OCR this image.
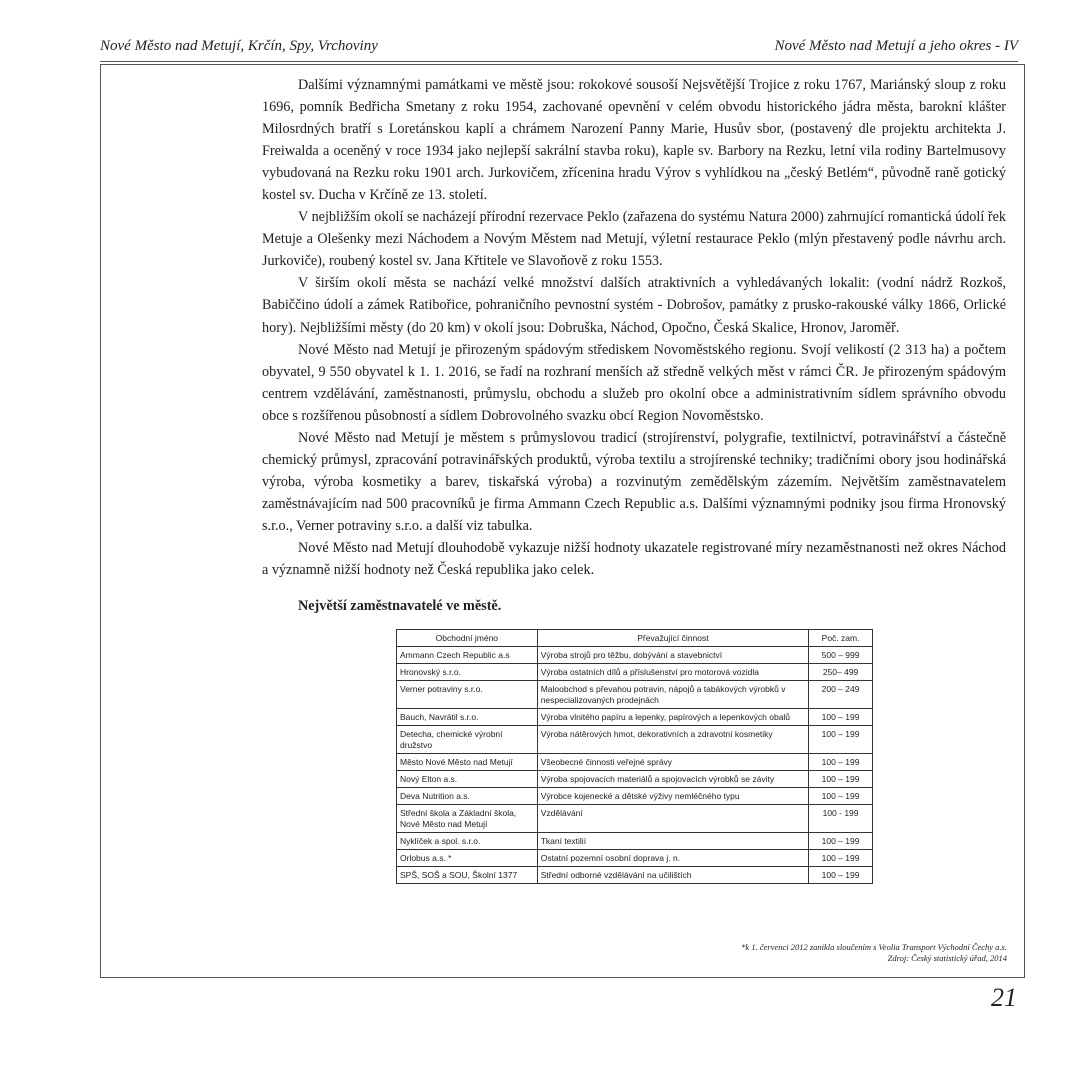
Nové Město nad Metují, Krčín, Spy, Vrchoviny	Nové Město nad Metují a jeho okres - IV

Dalšími významnými památkami ve městě jsou: rokokové sousoší Nejsvětější Trojice z roku 1767, Mariánský sloup z roku 1696, pomník Bedřicha Smetany z roku 1954, zachované opevnění v celém obvodu historického jádra města, barokní klášter Milosrdných bratří s Loretánskou kaplí a chrámem Narození Panny Marie, Husův sbor, (postavený dle projektu architekta J. Freiwalda a oceněný v roce 1934 jako nejlepší sakrální stavba roku), kaple sv. Barbory na Rezku, letní vila rodiny Bartelmusovy vybudovaná na Rezku roku 1901 arch. Jurkovičem, zřícenina hradu Výrov s vyhlídkou na „český Betlém“, původně raně gotický kostel sv. Ducha v Krčíně ze 13. století.

V nejbližším okolí se nacházejí přírodní rezervace Peklo (zařazena do systému Natura 2000) zahrnující romantická údolí řek Metuje a Olešenky mezi Náchodem a Novým Městem nad Metují, výletní restaurace Peklo (mlýn přestavený podle návrhu arch. Jurkoviče), roubený kostel sv. Jana Křtitele ve Slavoňově z roku 1553.

V širším okolí města se nachází velké množství dalších atraktivních a vyhledávaných lokalit: (vodní nádrž Rozkoš, Babiččino údolí a zámek Ratibořice, pohraničního pevnostní systém - Dobrošov, památky z prusko-rakouské války 1866, Orlické hory). Nejbližšími městy (do 20 km) v okolí jsou: Dobruška, Náchod, Opočno, Česká Skalice, Hronov, Jaroměř.

Nové Město nad Metují je přirozeným spádovým střediskem Novoměstského regionu. Svojí velikostí (2 313 ha) a počtem obyvatel, 9 550 obyvatel k 1. 1. 2016, se řadí na rozhraní menších až středně velkých měst v rámci ČR. Je přirozeným spádovým centrem vzdělávání, zaměstnanosti, průmyslu, obchodu a služeb pro okolní obce a administrativním sídlem správního obvodu obce s rozšířenou působností a sídlem Dobrovolného svazku obcí Region Novoměstsko.

Nové Město nad Metují je městem s průmyslovou tradicí (strojírenství, polygrafie, textilnictví, potravinářství a částečně chemický průmysl, zpracování potravinářských produktů, výroba textilu a strojírenské techniky; tradičními obory jsou hodinářská výroba, výroba kosmetiky a barev, tiskařská výroba) a rozvinutým zemědělským zázemím. Největším zaměstnavatelem zaměstnávajícím nad 500 pracovníků je firma Ammann Czech Republic a.s. Dalšími významnými podniky jsou firma Hronovský s.r.o., Verner potraviny s.r.o. a další viz tabulka.

Nové Město nad Metují dlouhodobě vykazuje nižší hodnoty ukazatele registrované míry nezaměstnanosti než okres Náchod a významně nižší hodnoty než Česká republika jako celek.

Největší zaměstnavatelé ve městě.
Obchodní jméno	Převažující činnost	Poč. zam.
Ammann Czech Republic a.s	Výroba strojů pro těžbu, dobývání a stavebnictví	500 – 999
Hronovský s.r.o.	Výroba ostatních dílů a příslušenství pro motorová vozidla	250– 499
Verner potraviny s.r.o.	Maloobchod s převahou potravin, nápojů a tabákových výrobků v nespecializovaných prodejnách	200 – 249
Bauch, Navrátil s.r.o.	Výroba vlnitého papíru a lepenky, papírových a lepenkových obalů	100 – 199
Detecha, chemické výrobní družstvo	Výroba nátěrových hmot, dekorativních a zdravotní kosmetiky	100 – 199
Město Nové Město nad Metují	Všeobecné činnosti veřejné správy	100 – 199
Nový Elton a.s.	Výroba spojovacích materiálů a spojovacích výrobků se závity	100 – 199
Deva Nutrition a.s.	Výrobce kojenecké a dětské výživy nemléčného typu	100 – 199
Střední škola a Základní škola, Nové Město nad Metují	Vzdělávání	100 - 199
Nyklíček a spol. s.r.o.	Tkaní textilií	100 – 199
Orlobus a.s. *	Ostatní pozemní osobní doprava j. n.	100 – 199
SPŠ, SOŠ a SOU, Školní 1377	Střední odborné vzdělávání na učilištích	100 – 199
*k 1. červenci 2012 zanikla sloučením s Veolia Transport Východní Čechy a.s.
Zdroj: Český statistický úřad, 2014
21
